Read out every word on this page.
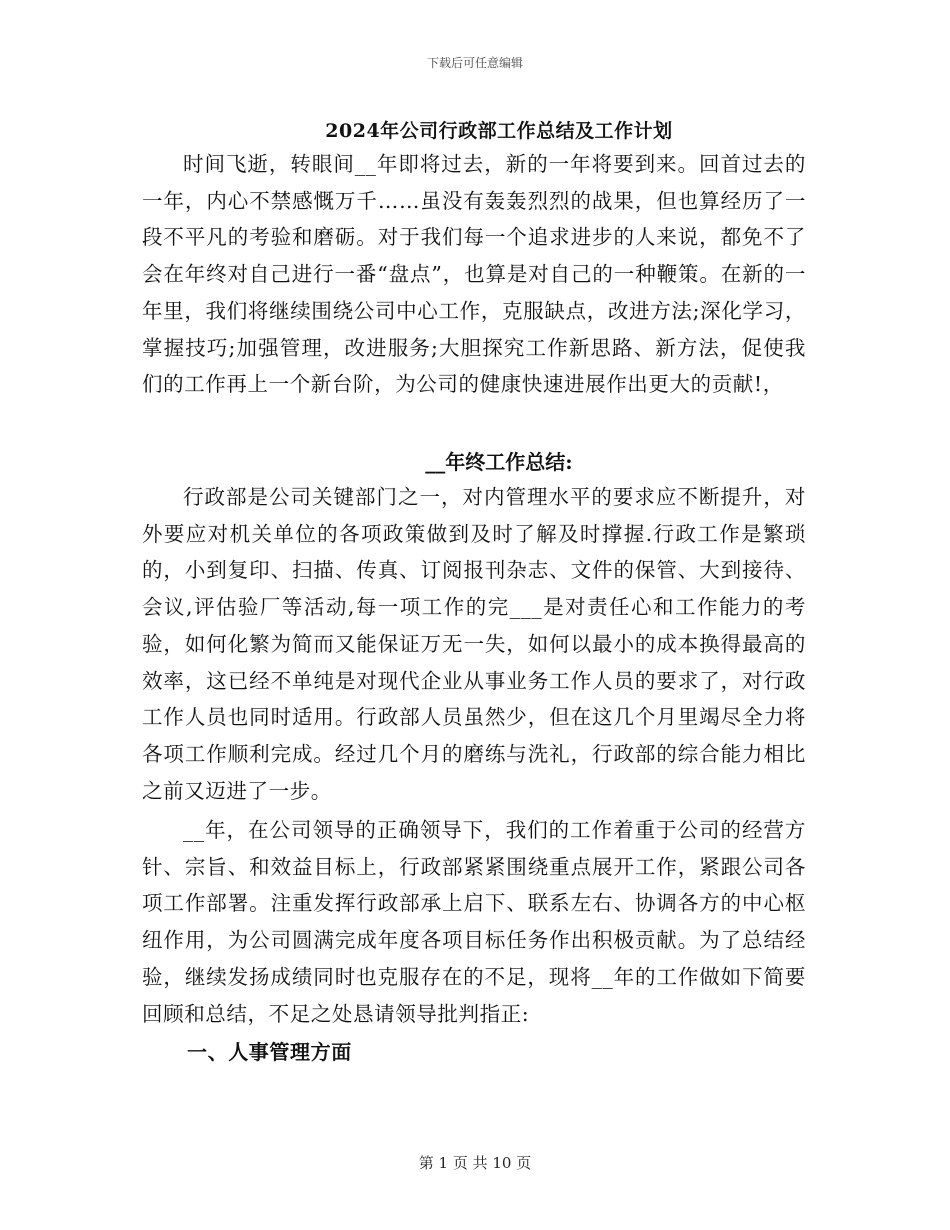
下载后可任意编辑
2024年公司行政部工作总结及工作计划

时间飞逝，转眼间__年即将过去，新的一年将要到来。回首过去的一年，内心不禁感慨万千……虽没有轰轰烈烈的战果，但也算经历了一段不平凡的考验和磨砺。对于我们每一个追求进步的人来说，都免不了会在年终对自己进行一番“盘点”，也算是对自己的一种鞭策。在新的一年里，我们将继续围绕公司中心工作，克服缺点，改进方法;深化学习，掌握技巧;加强管理，改进服务;大胆探究工作新思路、新方法，促使我们的工作再上一个新台阶，为公司的健康快速进展作出更大的贡献!，

__年终工作总结:

行政部是公司关键部门之一，对内管理水平的要求应不断提升，对外要应对机关单位的各项政策做到及时了解及时撑握.行政工作是繁琐的，小到复印、扫描、传真、订阅报刊杂志、文件的保管、大到接待、会议,评估验厂等活动,每一项工作的完___是对责任心和工作能力的考验，如何化繁为简而又能保证万无一失，如何以最小的成本换得最高的效率，这已经不单纯是对现代企业从事业务工作人员的要求了，对行政工作人员也同时适用。行政部人员虽然少，但在这几个月里竭尽全力将各项工作顺利完成。经过几个月的磨练与洗礼，行政部的综合能力相比之前又迈进了一步。

__年，在公司领导的正确领导下，我们的工作着重于公司的经营方针、宗旨、和效益目标上，行政部紧紧围绕重点展开工作，紧跟公司各项工作部署。注重发挥行政部承上启下、联系左右、协调各方的中心枢纽作用，为公司圆满完成年度各项目标任务作出积极贡献。为了总结经验，继续发扬成绩同时也克服存在的不足，现将__年的工作做如下简要回顾和总结，不足之处恳请领导批判指正:

一、人事管理方面
第 1 页 共 10 页
